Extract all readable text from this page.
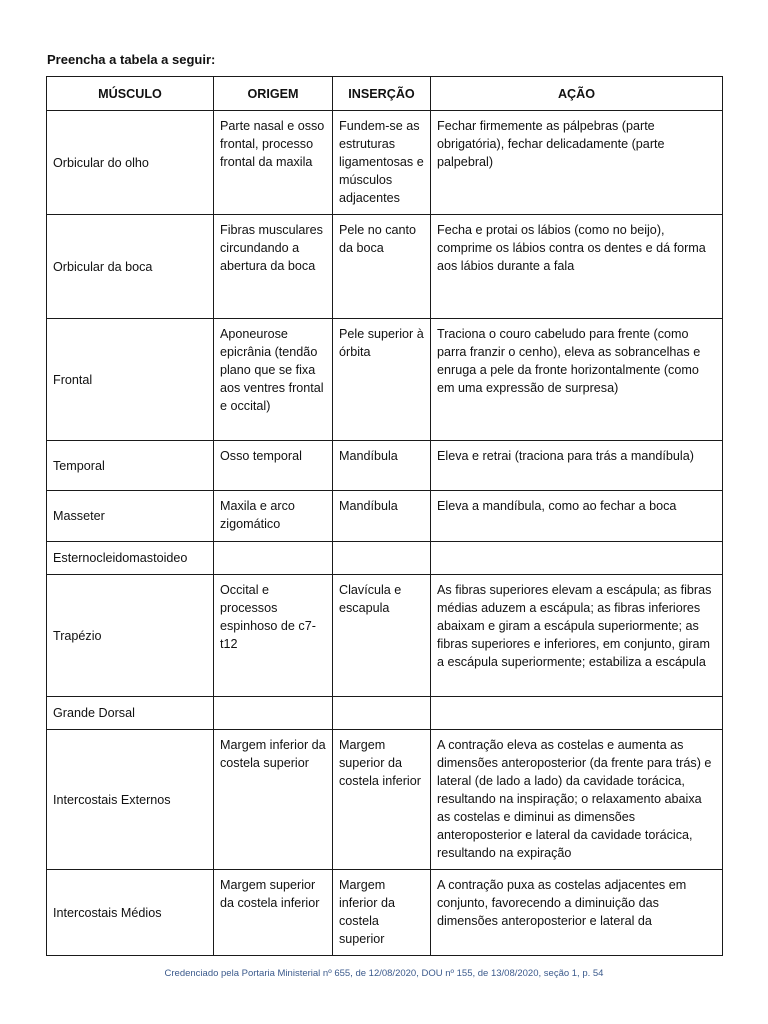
Preencha a tabela a seguir:
MÚSCULO	ORIGEM	INSERÇÃO	AÇÃO
Orbicular do olho	Parte nasal e osso frontal, processo frontal da maxila	Fundem-se as estruturas ligamentosas e músculos adjacentes	Fechar firmemente as pálpebras (parte obrigatória), fechar delicadamente (parte palpebral)
Orbicular da boca	Fibras musculares circundando a abertura da boca	Pele no canto da boca	Fecha e protai os lábios (como no beijo), comprime os lábios contra os dentes e dá forma aos lábios durante a fala
Frontal	Aponeurose epicrânia (tendão plano que se fixa aos ventres frontal e occital)	Pele superior à órbita	Traciona o couro cabeludo para frente (como parra franzir o cenho), eleva as sobrancelhas e enruga a pele da fronte horizontalmente (como em uma expressão de surpresa)
Temporal	Osso temporal	Mandíbula	Eleva e retrai (traciona para trás a mandíbula)
Masseter	Maxila e arco zigomático	Mandíbula	Eleva a mandíbula, como ao fechar a boca
Esternocleidomastoideo			
Trapézio	Occital e processos espinhoso de c7-t12	Clavícula e escapula	As fibras superiores elevam a escápula; as fibras médias aduzem a escápula; as fibras inferiores abaixam e giram a escápula superiormente; as fibras superiores e inferiores, em conjunto, giram a escápula superiormente; estabiliza a escápula
Grande Dorsal			
Intercostais Externos	Margem inferior da costela superior	Margem superior da costela inferior	A contração eleva as costelas e aumenta as dimensões anteroposterior (da frente para trás) e lateral (de lado a lado) da cavidade torácica, resultando na inspiração; o relaxamento abaixa as costelas e diminui as dimensões anteroposterior e lateral da cavidade torácica, resultando na expiração
Intercostais Médios	Margem superior da costela inferior	Margem inferior da costela superior	A contração puxa as costelas adjacentes em conjunto, favorecendo a diminuição das dimensões anteroposterior e lateral da
Credenciado pela Portaria Ministerial nº 655, de 12/08/2020, DOU nº 155, de 13/08/2020, seção 1, p. 54
